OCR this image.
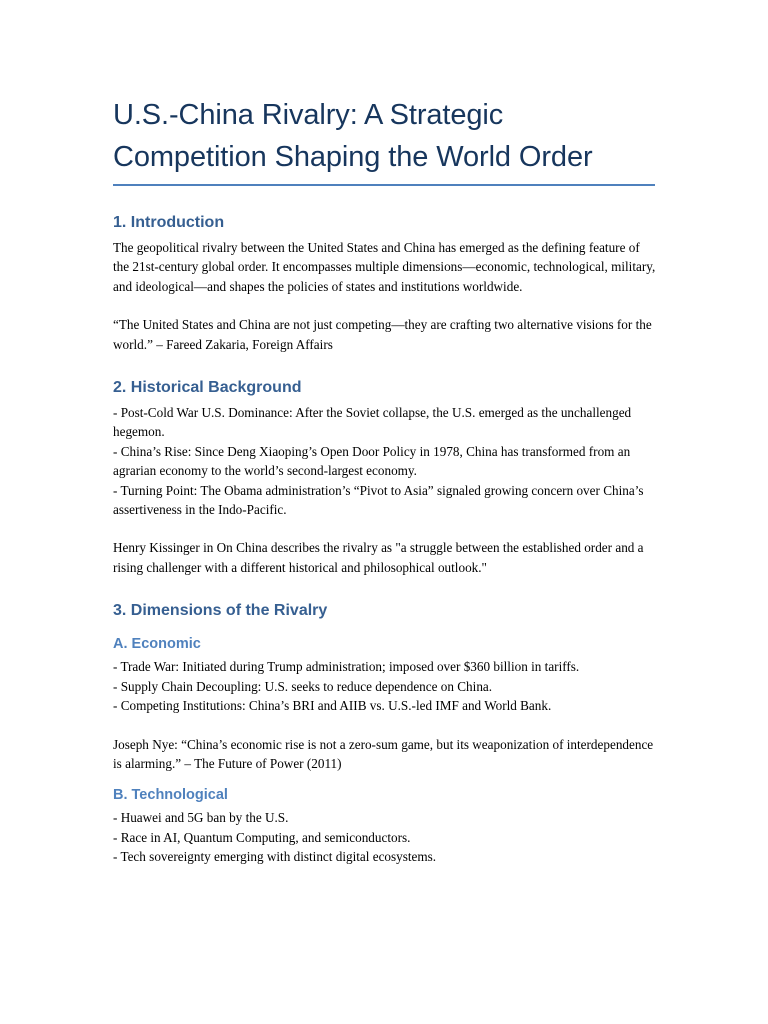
U.S.-China Rivalry: A Strategic
Competition Shaping the World Order
1. Introduction

The geopolitical rivalry between the United States and China has emerged as the defining feature of the 21st-century global order. It encompasses multiple dimensions—economic, technological, military, and ideological—and shapes the policies of states and institutions worldwide.

“The United States and China are not just competing—they are crafting two alternative visions for the world.” – Fareed Zakaria, Foreign Affairs

2. Historical Background

- Post-Cold War U.S. Dominance: After the Soviet collapse, the U.S. emerged as the unchallenged hegemon.

- China’s Rise: Since Deng Xiaoping’s Open Door Policy in 1978, China has transformed from an agrarian economy to the world’s second-largest economy.

- Turning Point: The Obama administration’s “Pivot to Asia” signaled growing concern over China’s assertiveness in the Indo-Pacific.

Henry Kissinger in On China describes the rivalry as "a struggle between the established order and a rising challenger with a different historical and philosophical outlook."

3. Dimensions of the Rivalry
A. Economic

- Trade War: Initiated during Trump administration; imposed over $360 billion in tariffs.

- Supply Chain Decoupling: U.S. seeks to reduce dependence on China.

- Competing Institutions: China’s BRI and AIIB vs. U.S.-led IMF and World Bank.

Joseph Nye: “China’s economic rise is not a zero-sum game, but its weaponization of interdependence is alarming.” – The Future of Power (2011)

B. Technological

- Huawei and 5G ban by the U.S.

- Race in AI, Quantum Computing, and semiconductors.

- Tech sovereignty emerging with distinct digital ecosystems.
